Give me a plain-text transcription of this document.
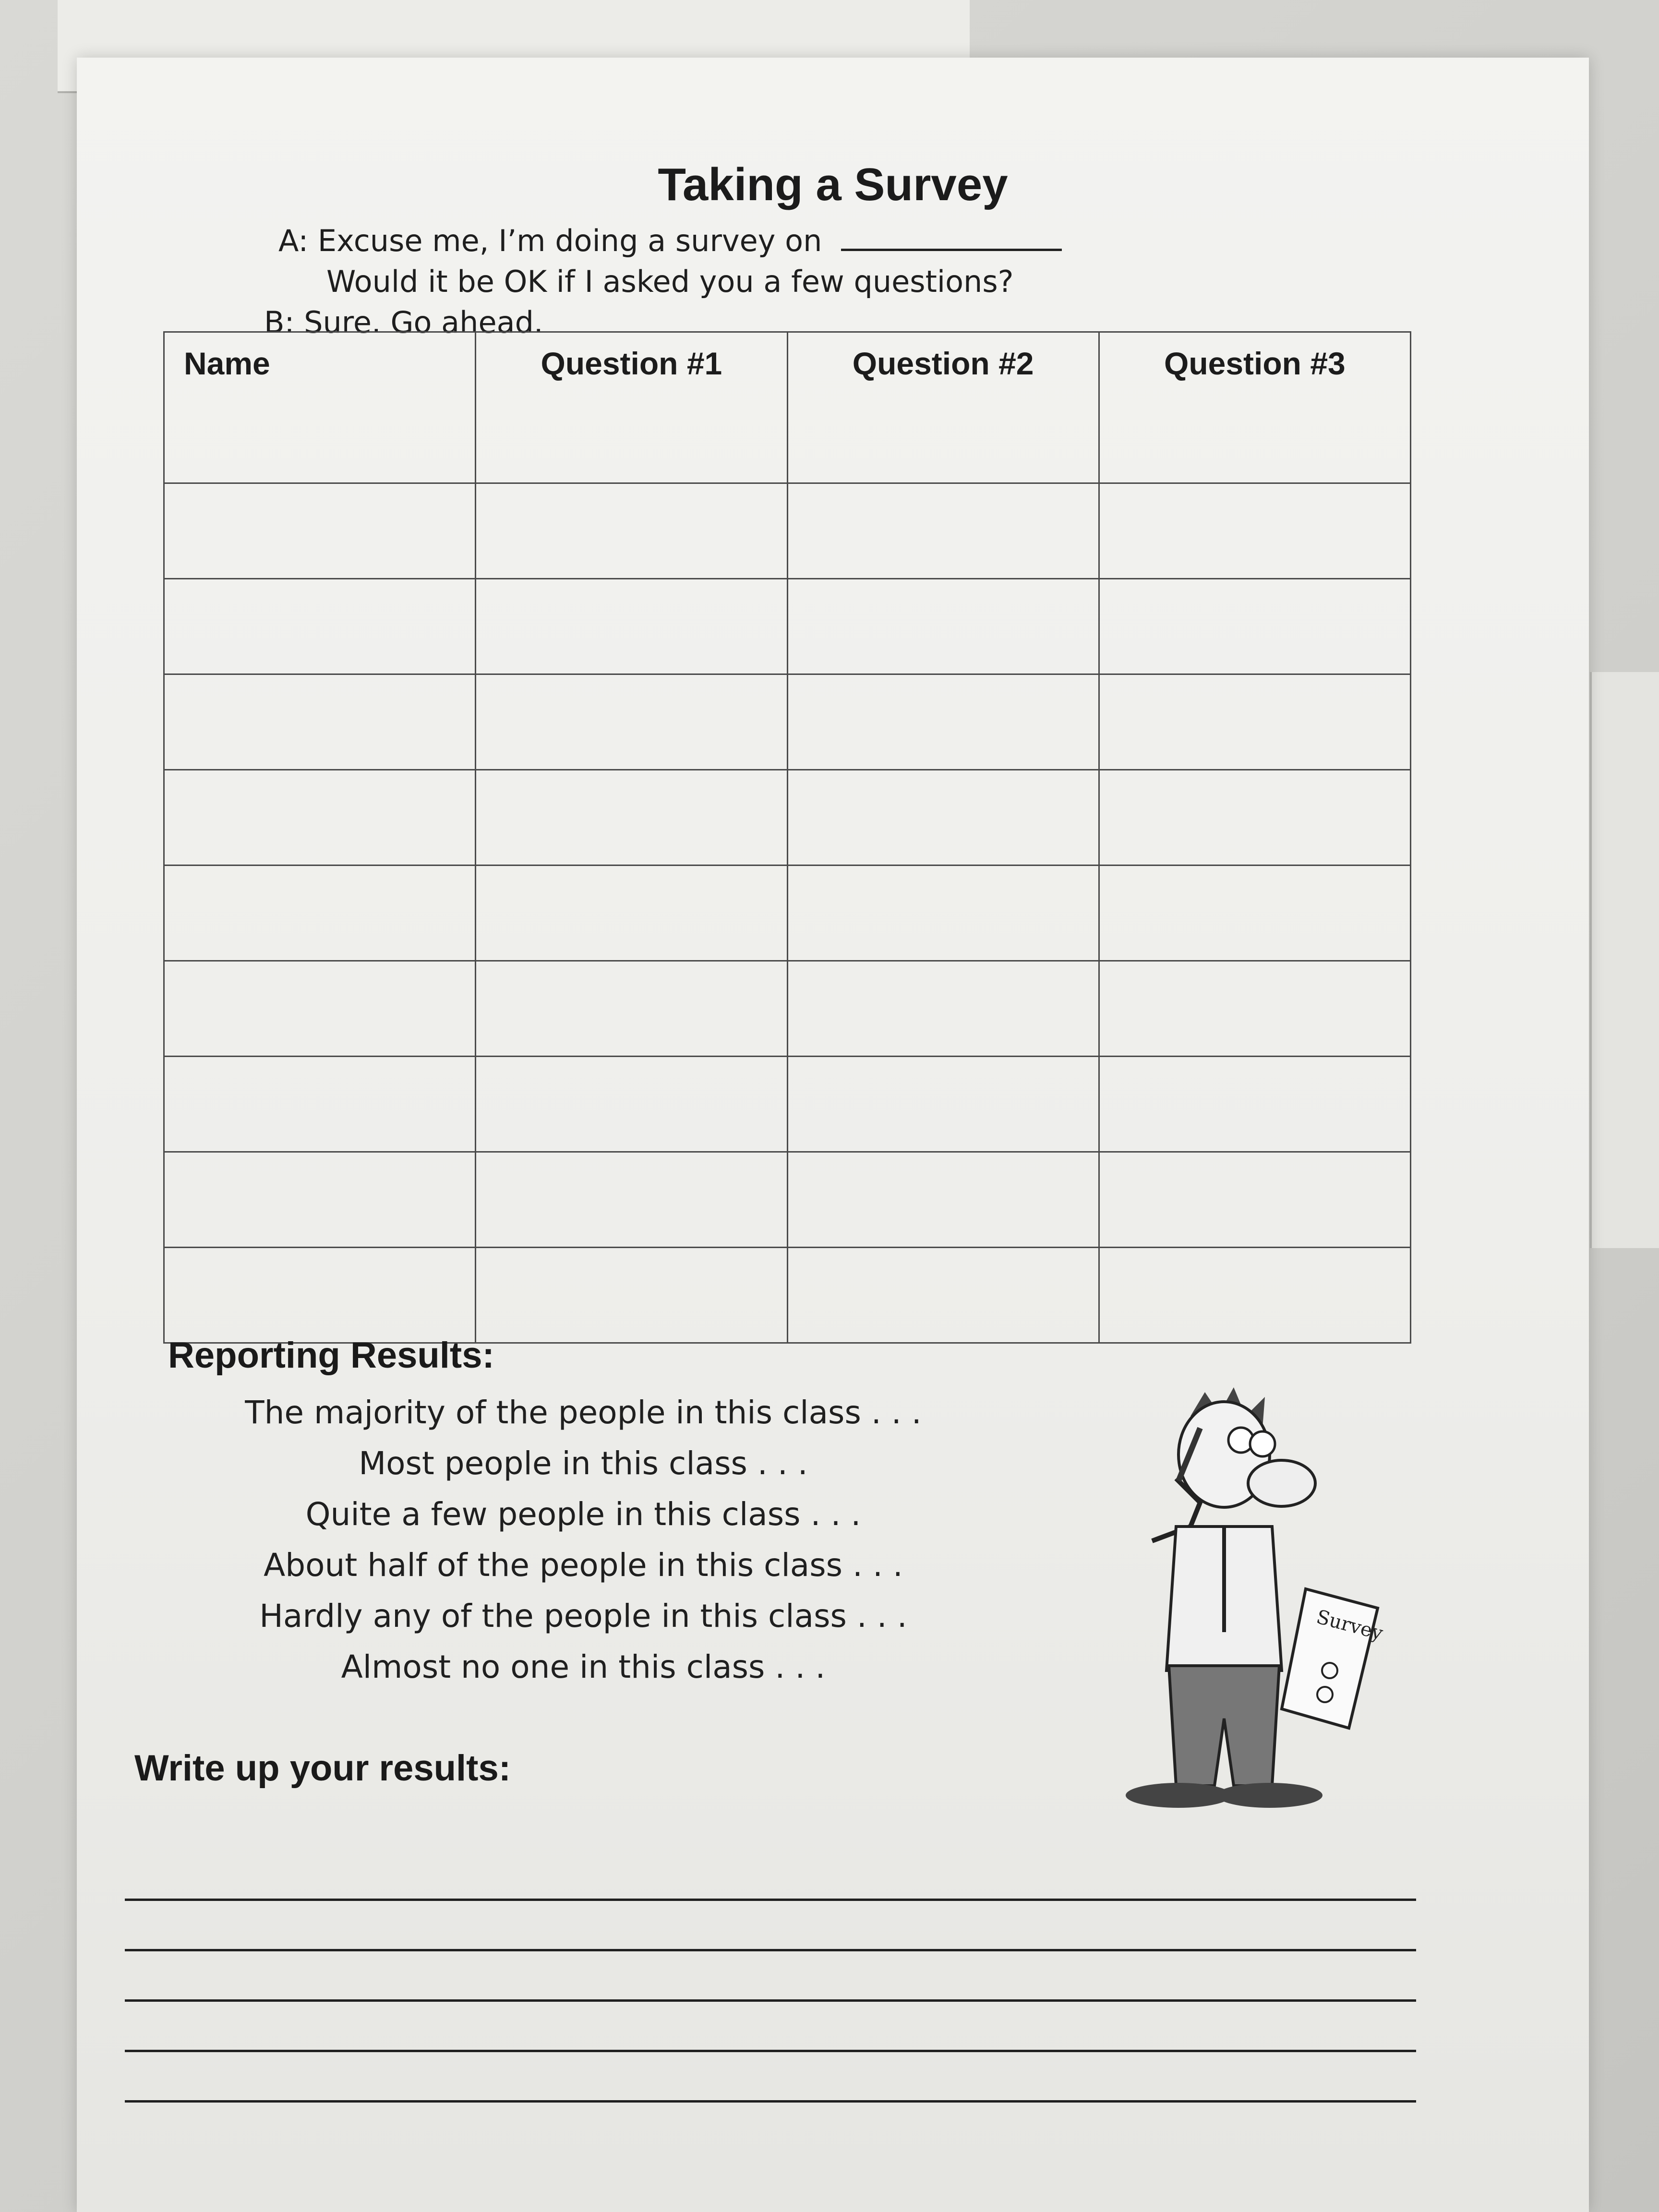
Taking a Survey
A: Excuse me, I’m doing a survey on
Would it be OK if I asked you a few questions?
B: Sure. Go ahead.
Name	Question #1	Question #2	Question #3

Reporting Results:
The majority of the people in this class . . .
Most people in this class . . .
Quite a few people in this class . . .
About half of the people in this class . . .
Hardly any of the people in this class . . .
Almost no one in this class . . .
Survey
Write up your results:
